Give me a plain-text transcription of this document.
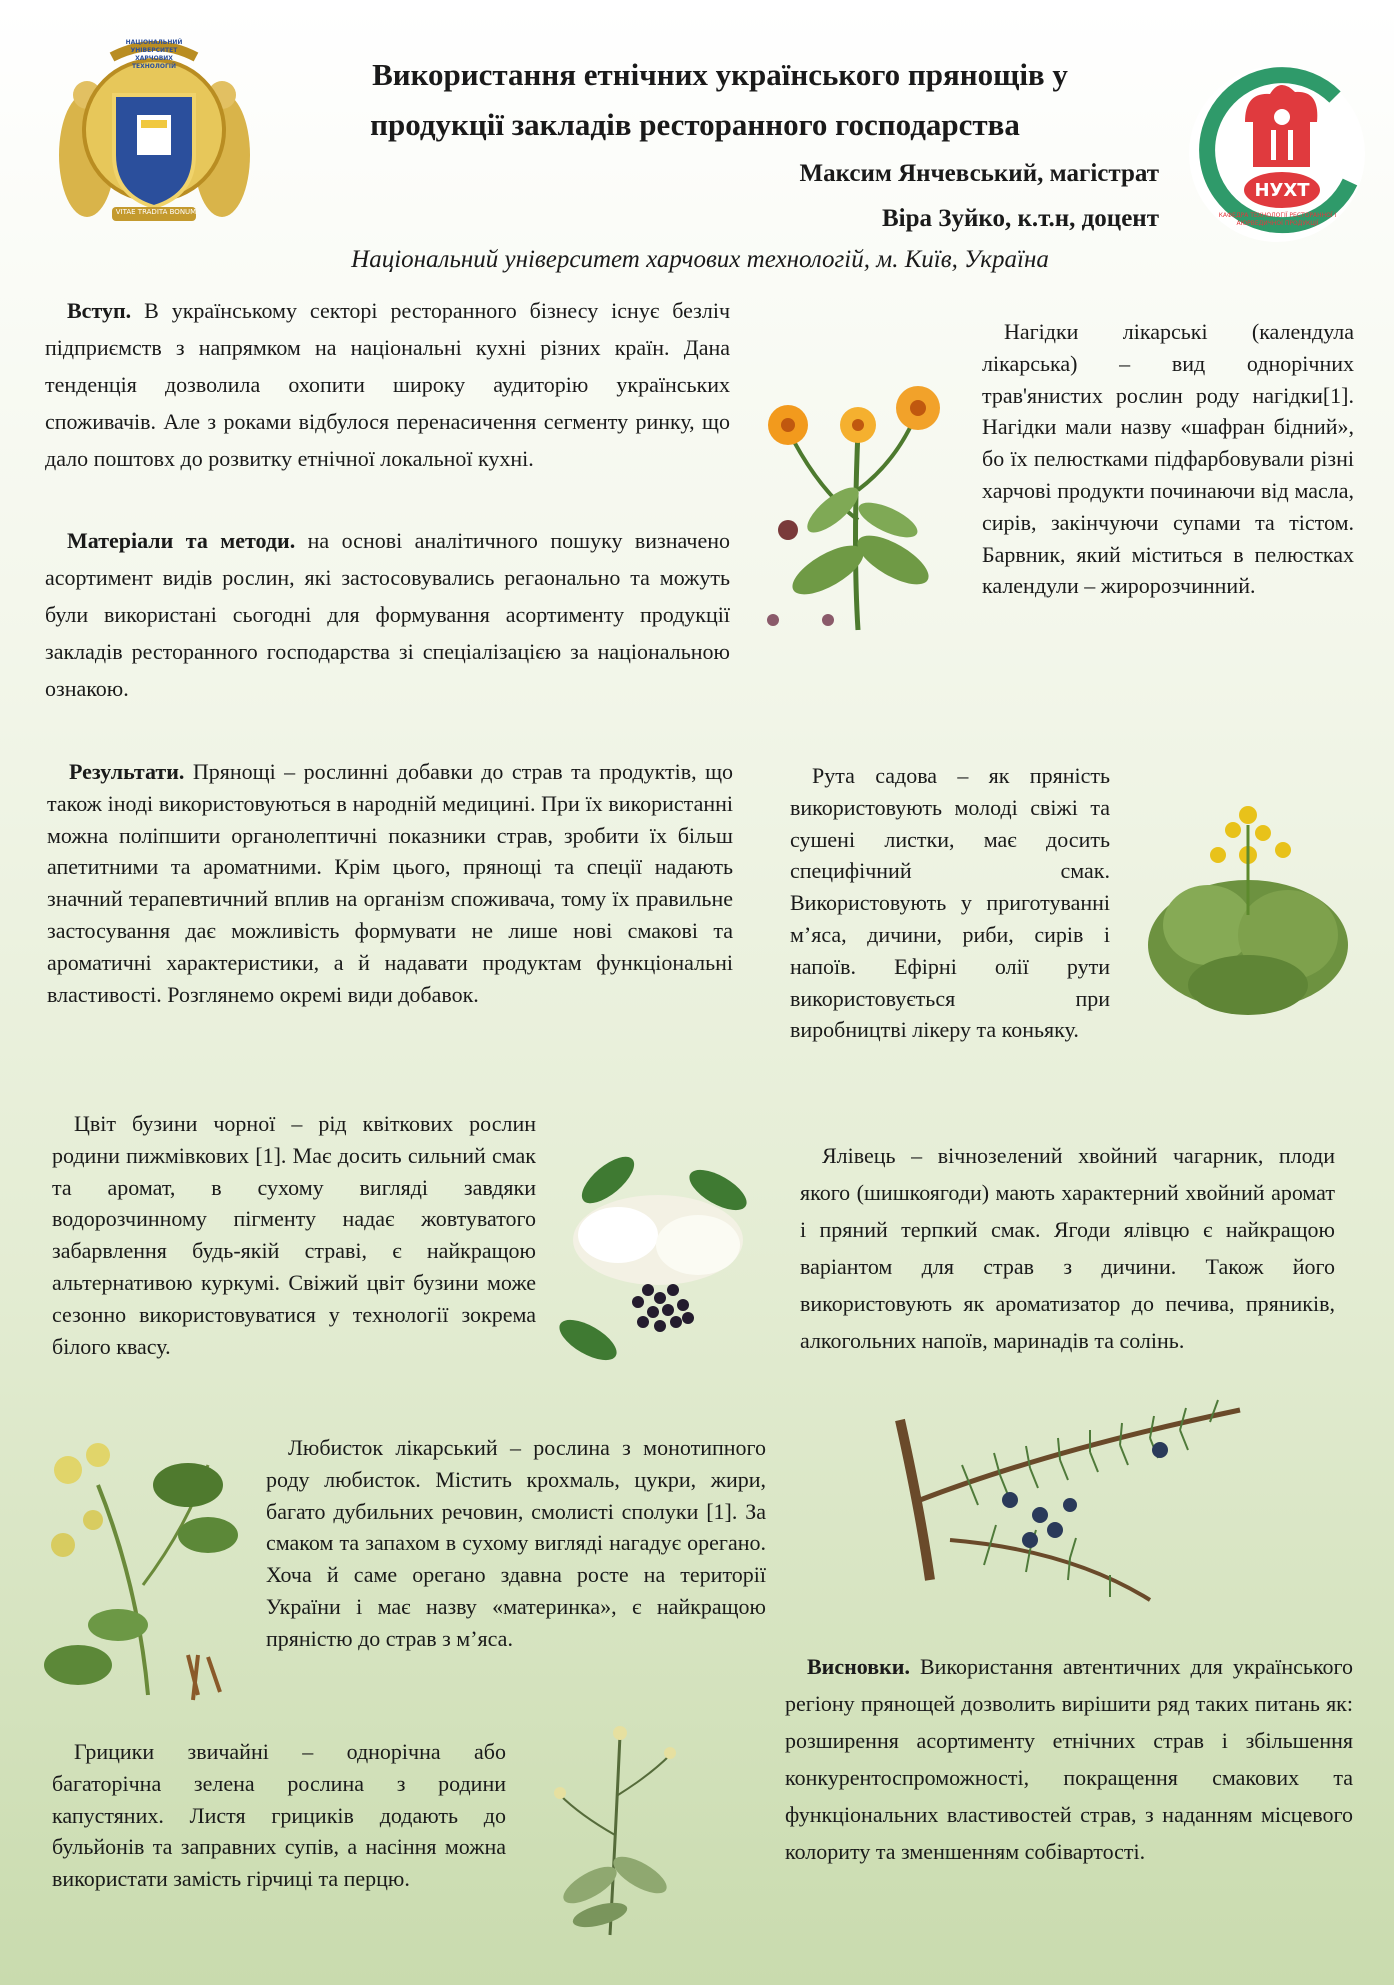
VITAE TRADITA BONUM
НАЦІОНАЛЬНИЙ УНІВЕРСИТЕТ ХАРЧОВИХ ТЕХНОЛОГІЙ	Використання етнічних українського прянощів у
продукції закладів ресторанного господарства
Максим Янчевський, магістрат
Віра Зуйко, к.т.н, доцент
Національний університет харчових технологій, м. Київ, Україна
НУХТ
КАФЕДРА ТЕХНОЛОГІЇ РЕСТОРАННОЇ І АЮРВЕДИЧНОЇ ПРОДУКЦІЇ
Вступ. В українському секторі ресторанного бізнесу існує безліч підприємств з напрямком на національні кухні різних країн. Дана тенденція дозволила охопити широку аудиторію українських споживачів. Але з роками відбулося перенасичення сегменту ринку, що дало поштовх до розвитку етнічної локальної кухні.
Матеріали та методи. на основі аналітичного пошуку визначено асортимент видів рослин, які застосовувались регаонально та можуть були використані сьогодні для формування асортименту продукції закладів ресторанного господарства зі спеціалізацією за національною ознакою.
Нагідки лікарські (календула лікарська) – вид однорічних трав'янистих рослин роду нагідки[1]. Нагідки мали назву «шафран бідний», бо їх пелюстками підфарбовували різні харчові продукти починаючи від масла, сирів, закінчуючи супами та тістом. Барвник, який міститься в пелюстках календули – жиророзчинний.
Результати. Прянощі – рослинні добавки до страв та продуктів, що також іноді використовуються в народній медицині. При їх використанні можна поліпшити органолептичні показники страв, зробити їх більш апетитними та ароматними. Крім цього, прянощі та спеції надають значний терапевтичний вплив на організм споживача, тому їх правильне застосування дає можливість формувати не лише нові смакові та ароматичні характеристики, а й надавати продуктам функціональні властивості. Розглянемо окремі види добавок.
Рута садова – як пряність використовують молоді свіжі та сушені листки, має досить специфічний смак. Використовують у приготуванні м’яса, дичини, риби, сирів і напоїв. Ефірні олії рути використовується при виробництві лікеру та коньяку.
Цвіт бузини чорної – рід квіткових рослин родини пижмівкових [1]. Має досить сильний смак та аромат, в сухому вигляді завдяки водорозчинному пігменту надає жовтуватого забарвлення будь-якій страві, є найкращою альтернативою куркумі. Свіжий цвіт бузини може сезонно використовуватися у технології зокрема білого квасу.
Ялівець – вічнозелений хвойний чагарник, плоди якого (шишкоягоди) мають характерний хвойний аромат і пряний терпкий смак. Ягоди ялівцю є найкращою варіантом для страв з дичини. Також його використовують як ароматизатор до печива, пряників, алкогольних напоїв, маринадів та солінь.
Любисток лікарський – рослина з монотипного роду любисток. Містить крохмаль, цукри, жири, багато дубильних речовин, смолисті сполуки [1]. За смаком та запахом в сухому вигляді нагадує орегано. Хоча й саме орегано здавна росте на території України і має назву «материнка», є найкращою прянiстю до страв з м’яса.
Грицики звичайні – однорічна або багаторічна зелена рослина з родини капустяних. Листя грициків додають до бульйонів та заправних супів, а насіння можна використати замість гірчиці та перцю.
Висновки. Використання автентичних для українського регіону прянощей дозволить вирішити ряд таких питань як: розширення асортименту етнічних страв і збільшення конкурентоспроможності, покращення смакових та функціональних властивостей страв, з наданням місцевого колориту та зменшенням собівартості.
